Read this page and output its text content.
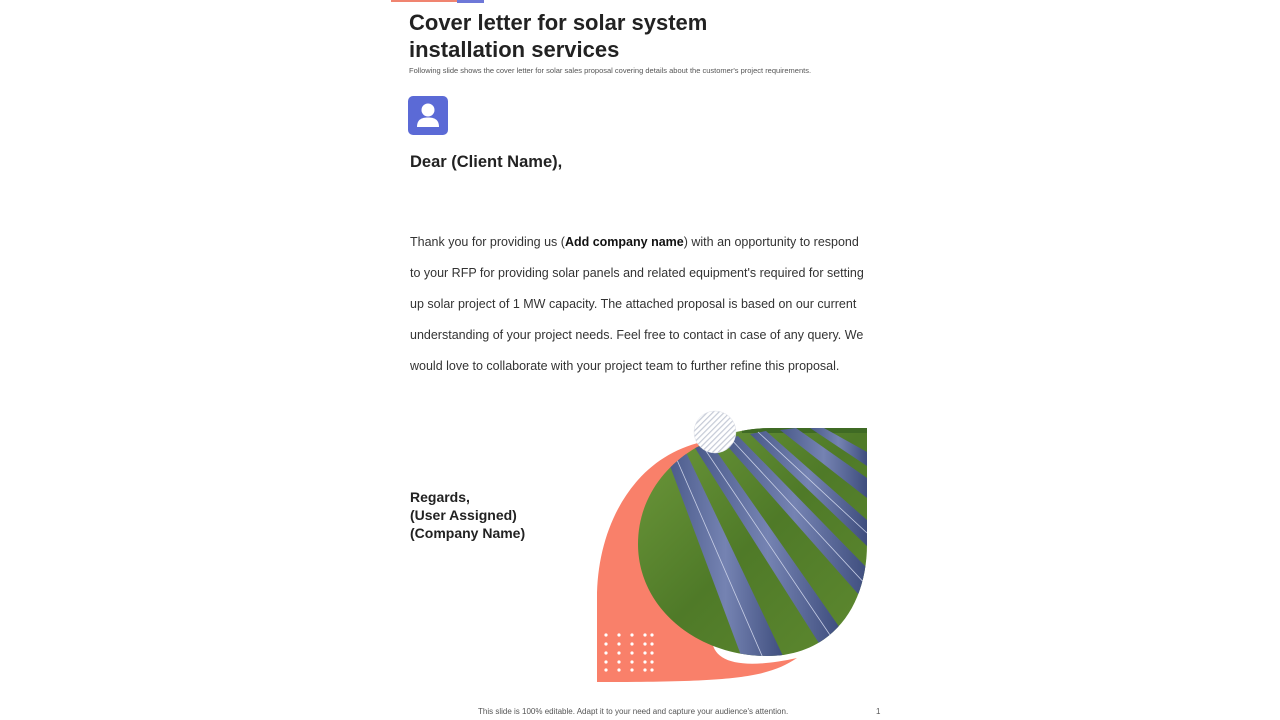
Cover letter for solar system installation services
Following slide shows the cover letter for solar sales proposal covering details about the customer's project requirements.
Dear (Client Name),
Thank you for providing us (Add company name) with an opportunity to respond to your RFP for providing solar panels and related equipment's required for setting up solar project of 1 MW capacity. The attached proposal is based on our current understanding of your project needs. Feel free to contact in case of any query. We would love to collaborate with your project team to further refine this proposal.
Regards,
(User Assigned)
(Company Name)
This slide is 100% editable. Adapt it to your need and capture your audience's attention.	1
